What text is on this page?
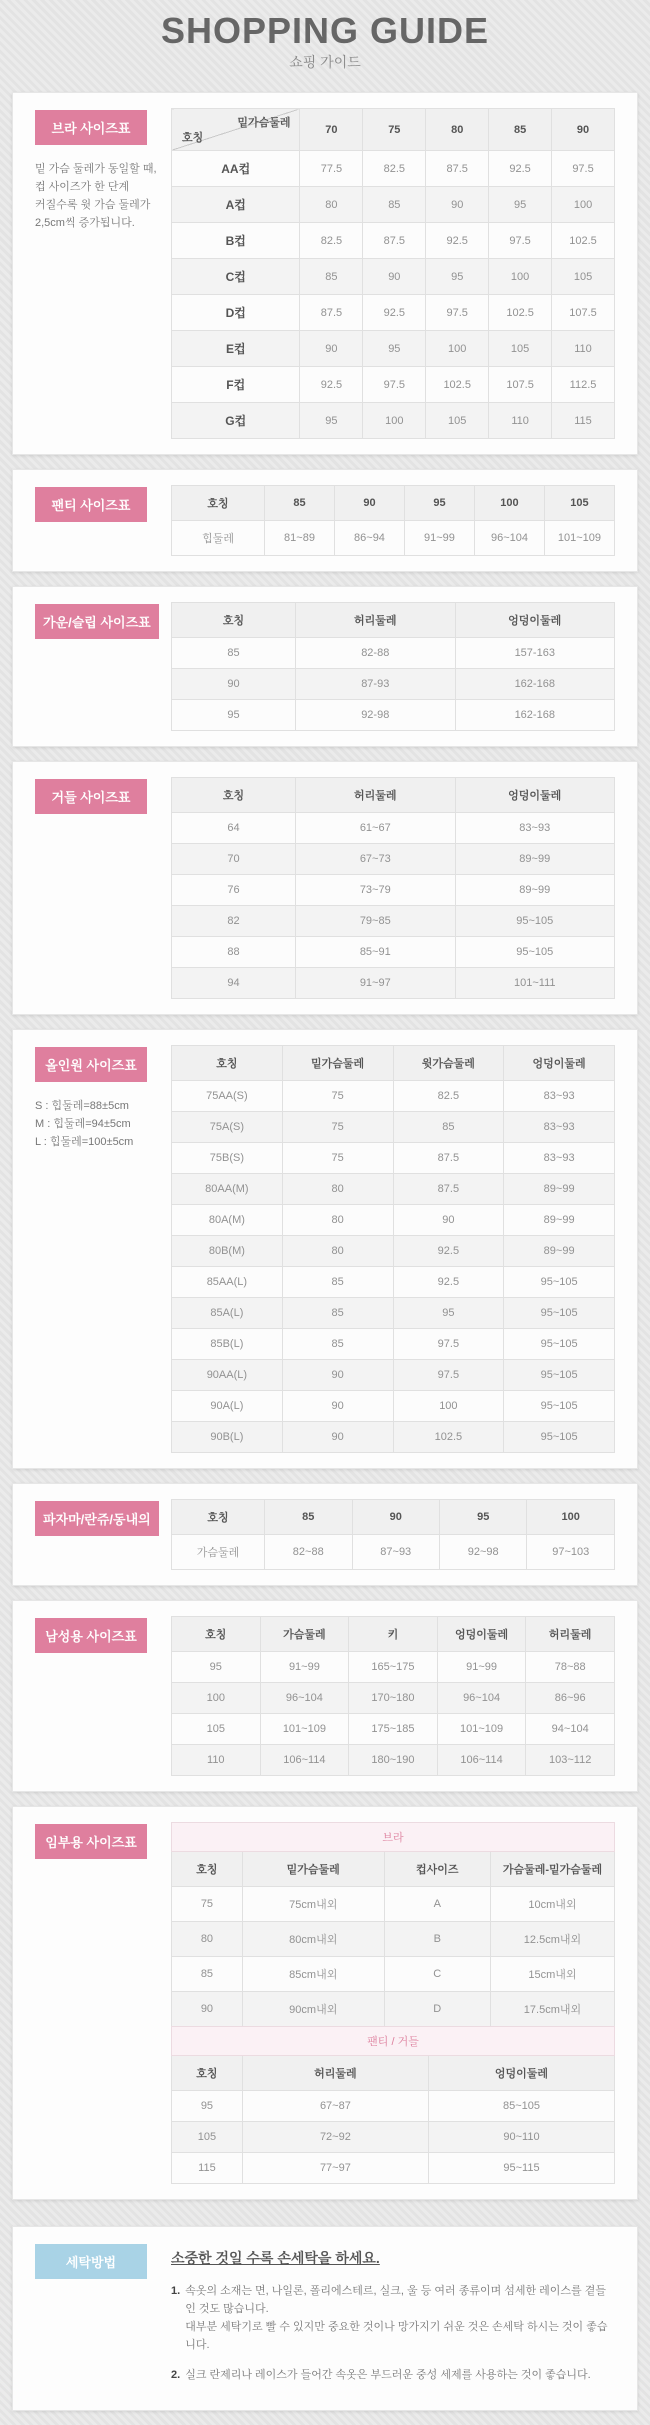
SHOPPING GUIDE
쇼핑 가이드
브라 사이즈표
밑 가슴 둘레가 동일할 때,
컵 사이즈가 한 단계
커질수록 윗 가슴 둘레가
2,5cm씩 증가됩니다.
밑가슴둘레
호칭	70	75	80	85	90
AA컵	77.5	82.5	87.5	92.5	97.5
A컵	80	85	90	95	100
B컵	82.5	87.5	92.5	97.5	102.5
C컵	85	90	95	100	105
D컵	87.5	92.5	97.5	102.5	107.5
E컵	90	95	100	105	110
F컵	92.5	97.5	102.5	107.5	112.5
G컵	95	100	105	110	115
팬티 사이즈표	호칭	85	90	95	100	105
힙둘레	81~89	86~94	91~99	96~104	101~109
가운/슬립 사이즈표	호칭	허리둘레	엉덩이둘레
85	82-88	157-163
90	87-93	162-168
95	92-98	162-168
거들 사이즈표	호칭	허리둘레	엉덩이둘레
64	61~67	83~93
70	67~73	89~99
76	73~79	89~99
82	79~85	95~105
88	85~91	95~105
94	91~97	101~111
올인원 사이즈표
S : 힙둘레=88±5cm
M : 힙둘레=94±5cm
L : 힙둘레=100±5cm
호칭	밑가슴둘레	윗가슴둘레	엉덩이둘레
75AA(S)	75	82.5	83~93
75A(S)	75	85	83~93
75B(S)	75	87.5	83~93
80AA(M)	80	87.5	89~99
80A(M)	80	90	89~99
80B(M)	80	92.5	89~99
85AA(L)	85	92.5	95~105
85A(L)	85	95	95~105
85B(L)	85	97.5	95~105
90AA(L)	90	97.5	95~105
90A(L)	90	100	95~105
90B(L)	90	102.5	95~105
파자마/란쥬/동내의	호칭	85	90	95	100
가슴둘레	82~88	87~93	92~98	97~103
남성용 사이즈표	호칭	가슴둘레	키	엉덩이둘레	허리둘레
95	91~99	165~175	91~99	78~88
100	96~104	170~180	96~104	86~96
105	101~109	175~185	101~109	94~104
110	106~114	180~190	106~114	103~112
임부용 사이즈표	브라			
호칭	밑가슴둘레	컵사이즈	가슴둘레-밑가슴둘레
75	75cm내외	A	10cm내외
80	80cm내외	B	12.5cm내외
85	85cm내외	C	15cm내외
90	90cm내외	D	17.5cm내외
팬티 / 거들		
호칭	허리둘레	엉덩이둘레
95	67~87	85~105
105	72~92	90~110
115	77~97	95~115
세탁방법	소중한 것일 수록 손세탁을 하세요.
1. 속옷의 소재는 면, 나일론, 폴리에스테르, 실크, 울 등 여러 종류이며 섬세한 레이스를 곁들인 것도 많습니다.
대부분 세탁기로 빨 수 있지만 중요한 것이나 망가지기 쉬운 것은 손세탁 하시는 것이 좋습니다.
2. 실크 란제리나 레이스가 들어간 속옷은 부드러운 중성 세제를 사용하는 것이 좋습니다.
